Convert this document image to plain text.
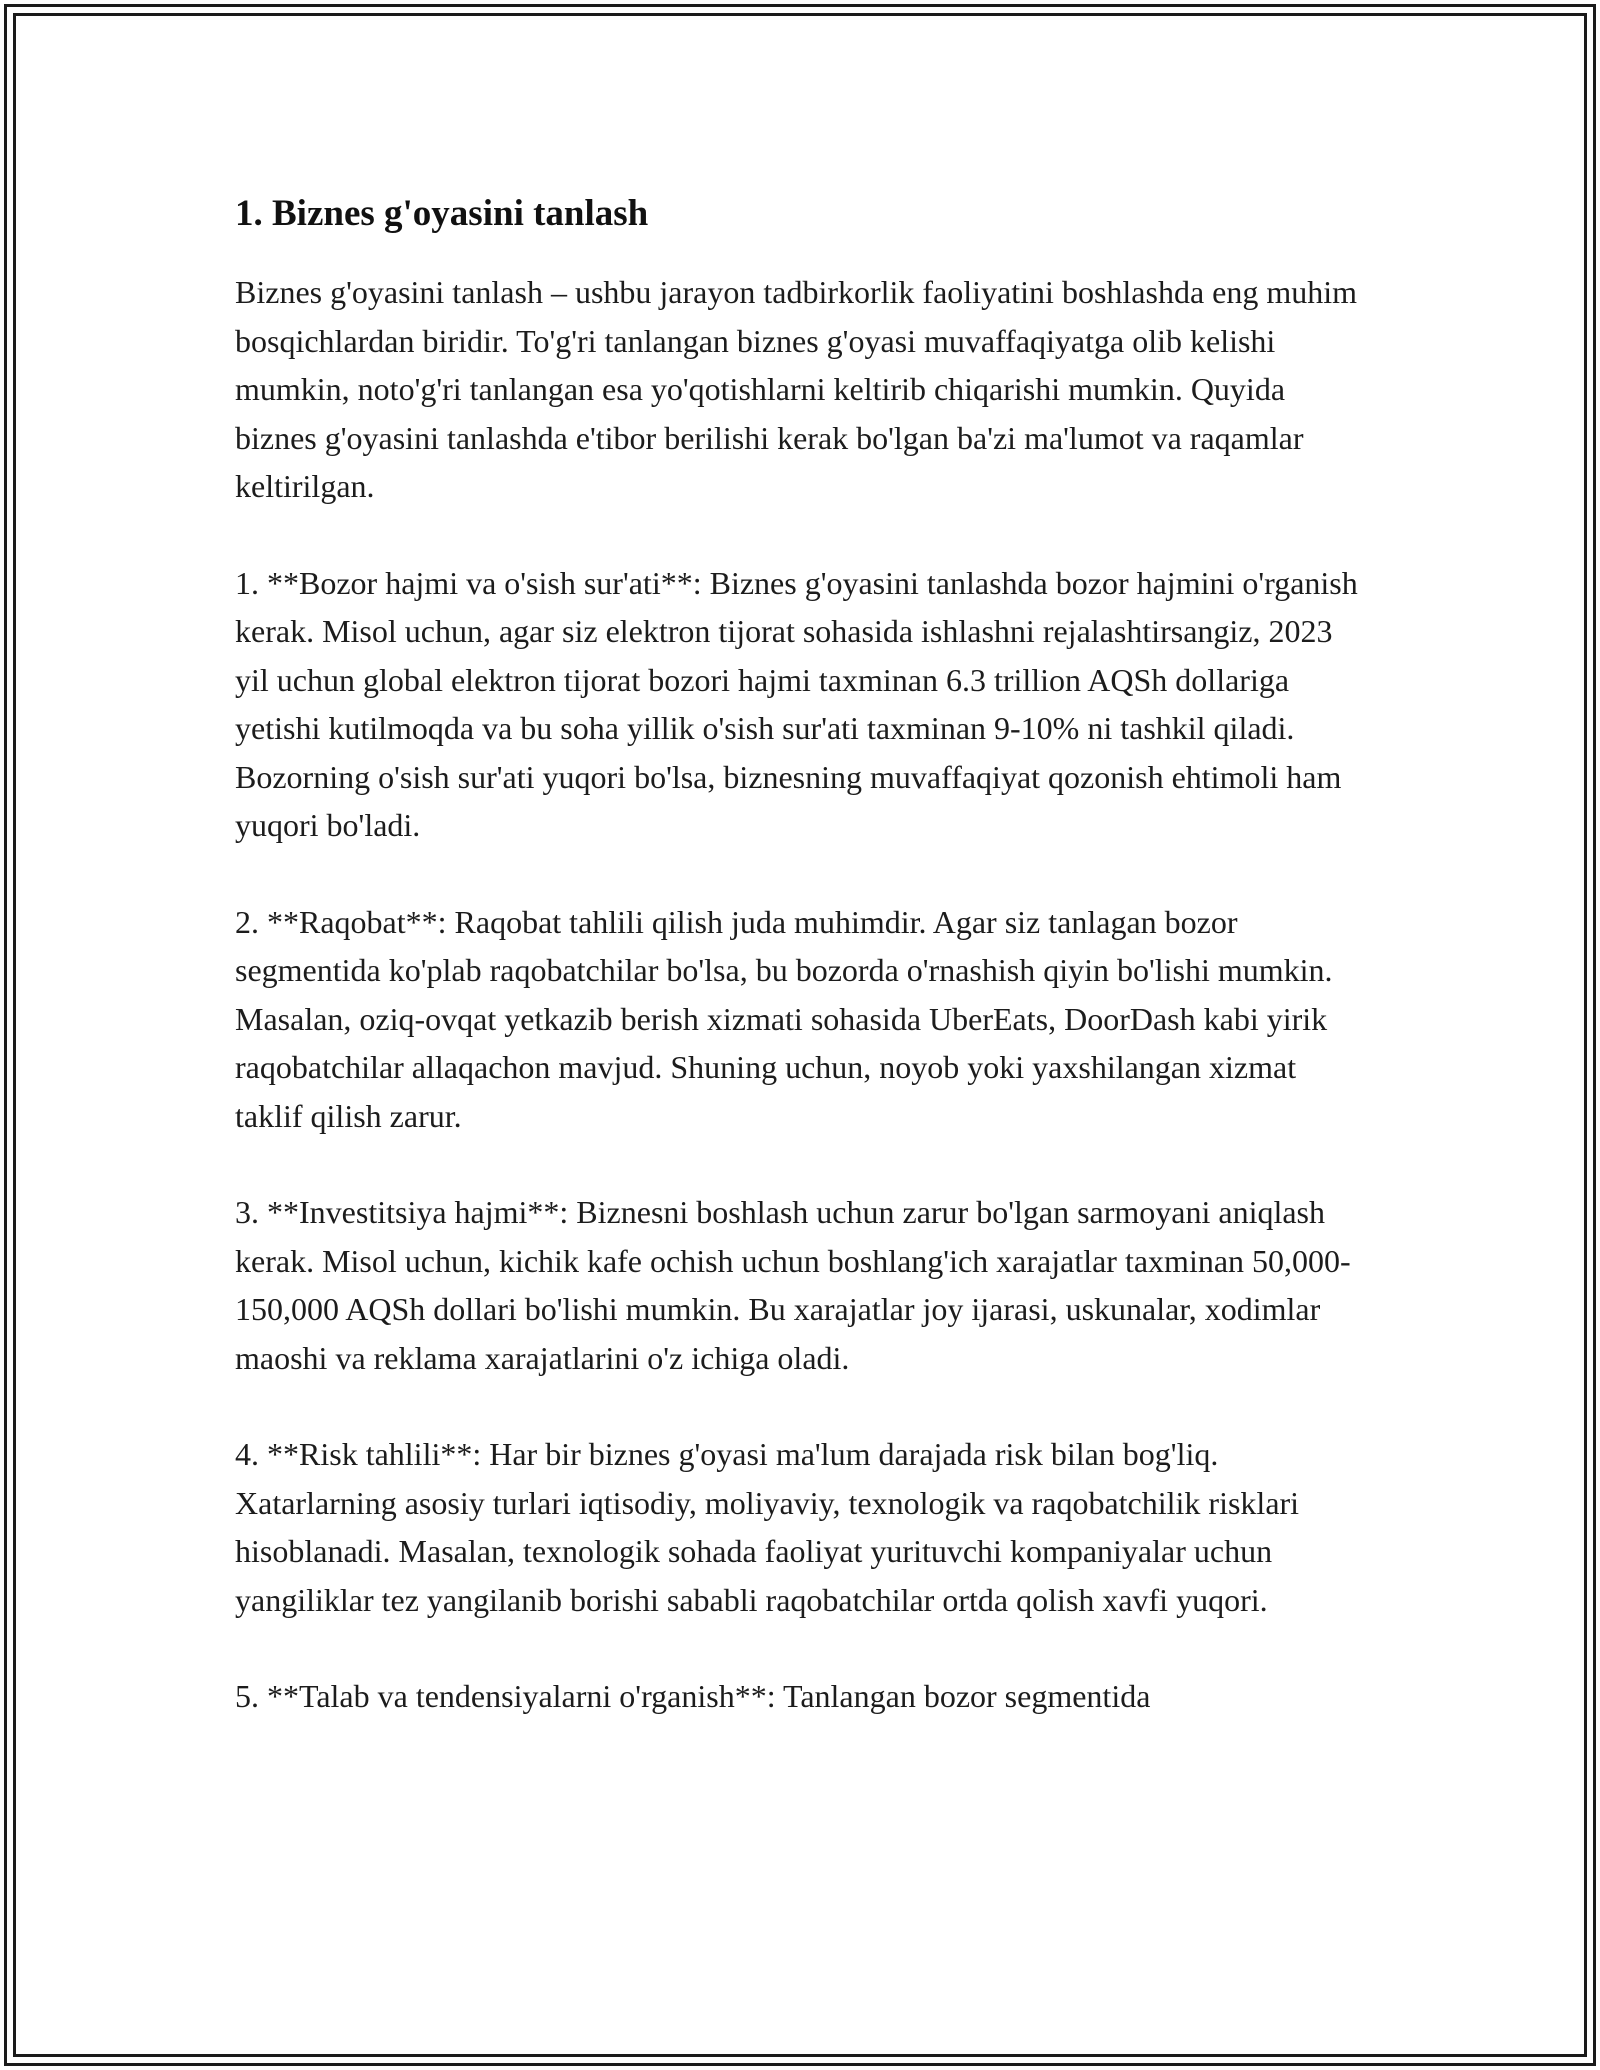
1. Biznes g'oyasini tanlash

Biznes g'oyasini tanlash – ushbu jarayon tadbirkorlik faoliyatini boshlashda eng muhim bosqichlardan biridir. To'g'ri tanlangan biznes g'oyasi muvaffaqiyatga olib kelishi mumkin, noto'g'ri tanlangan esa yo'qotishlarni keltirib chiqarishi mumkin. Quyida biznes g'oyasini tanlashda e'tibor berilishi kerak bo'lgan ba'zi ma'lumot va raqamlar keltirilgan.

1. **Bozor hajmi va o'sish sur'ati**: Biznes g'oyasini tanlashda bozor hajmini o'rganish kerak. Misol uchun, agar siz elektron tijorat sohasida ishlashni rejalashtirsangiz, 2023 yil uchun global elektron tijorat bozori hajmi taxminan 6.3 trillion AQSh dollariga yetishi kutilmoqda va bu soha yillik o'sish sur'ati taxminan 9-10% ni tashkil qiladi. Bozorning o'sish sur'ati yuqori bo'lsa, biznesning muvaffaqiyat qozonish ehtimoli ham yuqori bo'ladi.

2. **Raqobat**: Raqobat tahlili qilish juda muhimdir. Agar siz tanlagan bozor segmentida ko'plab raqobatchilar bo'lsa, bu bozorda o'rnashish qiyin bo'lishi mumkin. Masalan, oziq-ovqat yetkazib berish xizmati sohasida UberEats, DoorDash kabi yirik raqobatchilar allaqachon mavjud. Shuning uchun, noyob yoki yaxshilangan xizmat taklif qilish zarur.

3. **Investitsiya hajmi**: Biznesni boshlash uchun zarur bo'lgan sarmoyani aniqlash kerak. Misol uchun, kichik kafe ochish uchun boshlang'ich xarajatlar taxminan 50,000-150,000 AQSh dollari bo'lishi mumkin. Bu xarajatlar joy ijarasi, uskunalar, xodimlar maoshi va reklama xarajatlarini o'z ichiga oladi.

4. **Risk tahlili**: Har bir biznes g'oyasi ma'lum darajada risk bilan bog'liq. Xatarlarning asosiy turlari iqtisodiy, moliyaviy, texnologik va raqobatchilik risklari hisoblanadi. Masalan, texnologik sohada faoliyat yurituvchi kompaniyalar uchun yangiliklar tez yangilanib borishi sababli raqobatchilar ortda qolish xavfi yuqori.

5. **Talab va tendensiyalarni o'rganish**: Tanlangan bozor segmentida
